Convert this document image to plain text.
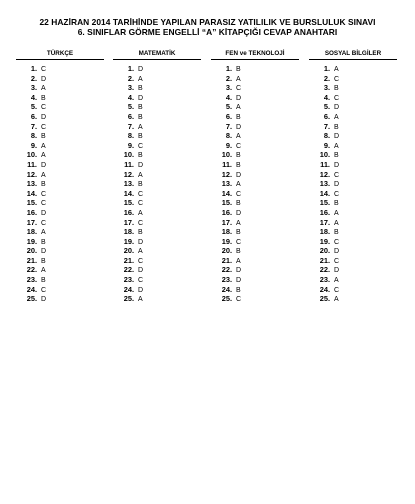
22 HAZİRAN 2014 TARİHİNDE YAPILAN PARASIZ YATILILIK VE BURSLULUK SINAVI
6. SINIFLAR GÖRME ENGELLİ “A” KİTAPÇIĞI CEVAP ANAHTARI
TÜRKÇE
1. C
2. D
3. A
4. B
5. C
6. D
7. C
8. B
9. A
10. A
11. D
12. A
13. B
14. C
15. C
16. D
17. C
18. A
19. B
20. D
21. B
22. A
23. B
24. C
25. D
MATEMATİK
1. D
2. A
3. B
4. D
5. B
6. B
7. A
8. B
9. C
10. B
11. D
12. A
13. B
14. C
15. C
16. A
17. C
18. B
19. D
20. A
21. C
22. D
23. C
24. D
25. A
FEN ve TEKNOLOJİ
1. B
2. A
3. C
4. D
5. A
6. B
7. D
8. A
9. C
10. B
11. B
12. D
13. A
14. C
15. B
16. D
17. A
18. B
19. C
20. B
21. A
22. D
23. D
24. B
25. C
SOSYAL BİLGİLER
1. A
2. C
3. B
4. C
5. D
6. A
7. B
8. D
9. A
10. B
11. D
12. C
13. D
14. C
15. B
16. A
17. A
18. B
19. C
20. D
21. C
22. D
23. A
24. C
25. A
